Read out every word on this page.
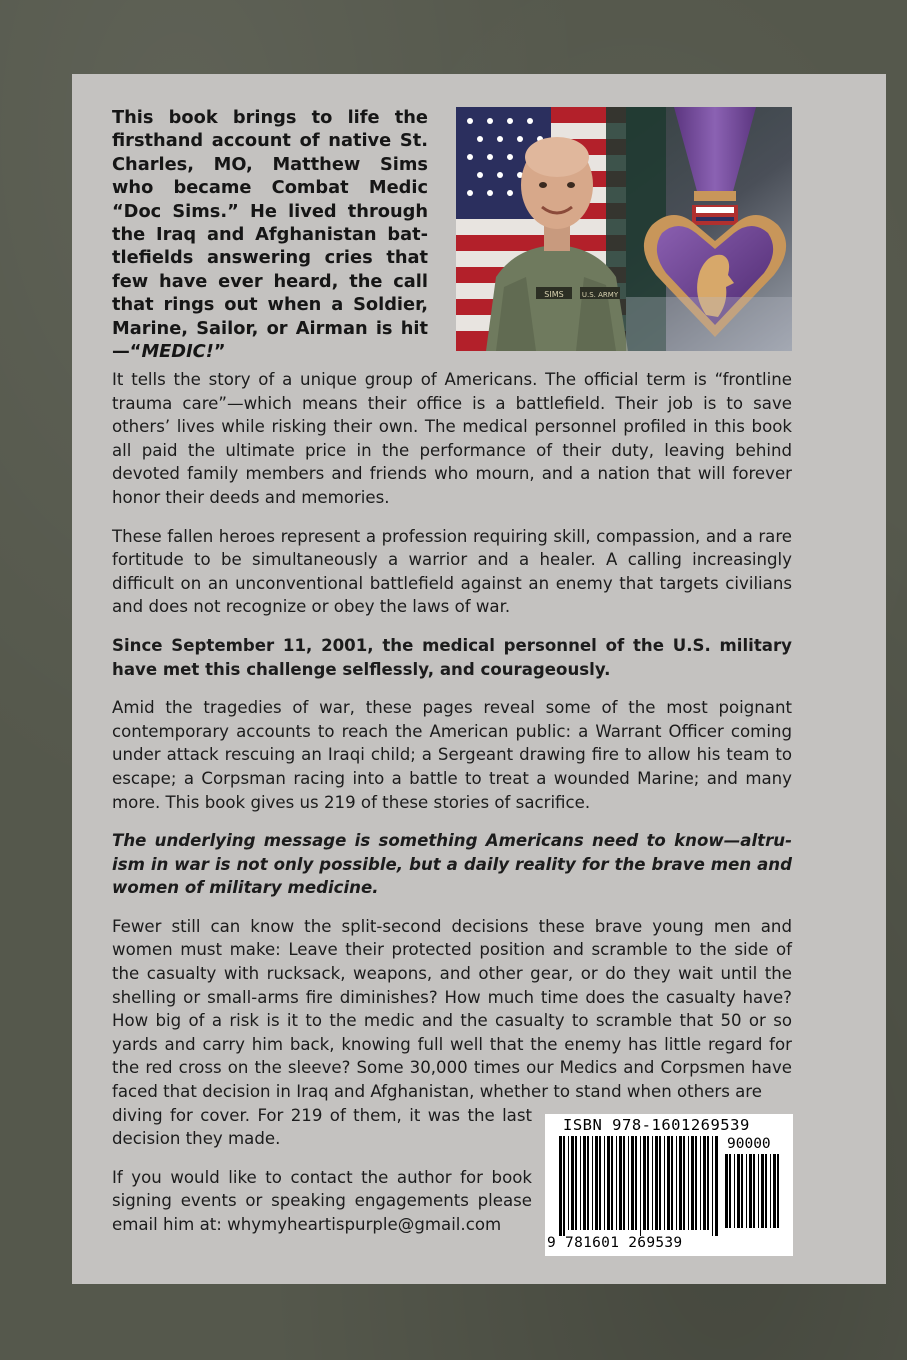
This book brings to life the firsthand account of native St. Charles, MO, Matthew Sims who became Combat Medic “Doc Sims.” He lived through the Iraq and Afghanistan battlefields answering cries that few have ever heard, the call that rings out when a Soldier, Marine, Sailor, or Airman is hit—“MEDIC!”

SIMS	U.S. ARMY

It tells the story of a unique group of Americans. The official term is “frontline trauma care”—which means their office is a battlefield. Their job is to save others’ lives while risking their own. The medical personnel profiled in this book all paid the ultimate price in the performance of their duty, leaving behind devoted family members and friends who mourn, and a nation that will forever honor their deeds and memories.

These fallen heroes represent a profession requiring skill, compassion, and a rare fortitude to be simultaneously a warrior and a healer. A calling increasingly difficult on an unconventional battlefield against an enemy that targets civilians and does not recognize or obey the laws of war.

Since September 11, 2001, the medical personnel of the U.S. military have met this challenge selflessly, and courageously.

Amid the tragedies of war, these pages reveal some of the most poignant contemporary accounts to reach the American public: a Warrant Officer coming under attack rescuing an Iraqi child; a Sergeant drawing fire to allow his team to escape; a Corpsman racing into a battle to treat a wounded Marine; and many more. This book gives us 219 of these stories of sacrifice.

The underlying message is something Americans need to know—altruism in war is not only possible, but a daily reality for the brave men and women of military medicine.

Fewer still can know the split-second decisions these brave young men and women must make: Leave their protected position and scramble to the side of the casualty with rucksack, weapons, and other gear, or do they wait until the shelling or small-arms fire diminishes? How much time does the casualty have? How big of a risk is it to the medic and the casualty to scramble that 50 or so yards and carry him back, knowing full well that the enemy has little regard for the red cross on the sleeve? Some 30,000 times our Medics and Corpsmen have faced that decision in Iraq and Afghanistan, whether to stand when others are

diving for cover. For 219 of them, it was the last decision they made.

If you would like to contact the author for book signing events or speaking engagements please email him at: whymyheartispurple@gmail.com

ISBN 978-1601269539
90000
9 781601 269539
